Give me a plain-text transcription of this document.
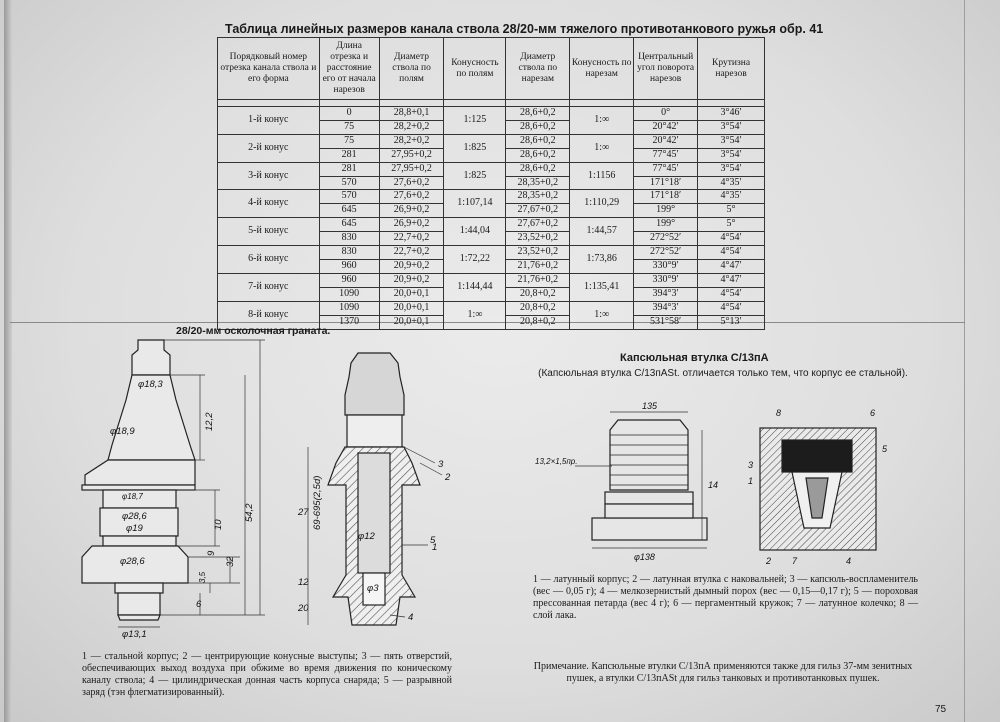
Таблица линейных размеров канала ствола 28/20-мм тяжелого противотанкового ружья обр. 41
Порядковый номер отрезка канала ствола и его форма	Длина отрезка и расстояние его от начала нарезов	Диаметр ствола по полям	Конусность по полям	Диаметр ствола по нарезам	Конусность по нарезам	Центральный угол поворота нарезов	Крутизна нарезов

1-й конус	0	28,8+0,1	1:125	28,6+0,2	1:∞	0°	3°46′
	75	28,2+0,2		28,6+0,2		20°42′	3°54′
2-й конус	75	28,2+0,2	1:825	28,6+0,2	1:∞	20°42′	3°54′
	281	27,95+0,2		28,6+0,2		77°45′	3°54′
3-й конус	281	27,95+0,2	1:825	28,6+0,2	1:1156	77°45′	3°54′
	570	27,6+0,2		28,35+0,2		171°18′	4°35′
4-й конус	570	27,6+0,2	1:107,14	28,35+0,2	1:110,29	171°18′	4°35′
	645	26,9+0,2		27,67+0,2		199°	5°
5-й конус	645	26,9+0,2	1:44,04	27,67+0,2	1:44,57	199°	5°
	830	22,7+0,2		23,52+0,2		272°52′	4°54′
6-й конус	830	22,7+0,2	1:72,22	23,52+0,2	1:73,86	272°52′	4°54′
	960	20,9+0,2		21,76+0,2		330°9′	4°47′
7-й конус	960	20,9+0,2	1:144,44	21,76+0,2	1:135,41	330°9′	4°47′
	1090	20,0+0,1		20,8+0,2		394°3′	4°54′
8-й конус	1090	20,0+0,1	1:∞	20,8+0,2	1:∞	394°3′	4°54′
	1370	20,0+0,1		20,8+0,2		531°58′	5°13′
28/20-мм осколочная граната.
φ18,3
φ18,9
12,2
69-695(2,5d)
54,2
φ18,7
φ28,6
φ19
φ28,6
10
32
9
3,5
6
φ13,1
φ12
φ3
27
12
20
1
2
3
4
5
1 — стальной корпус; 2 — центрирующие конусные выступы; 3 — пять отверстий, обеспечивающих выход воздуха при обжиме во время движения по коническому каналу ствола; 4 — цилиндрическая донная часть корпуса снаряда; 5 — разрывной заряд (тэн флегматизированный).
Капсюльная втулка С/13пА
(Капсюльная втулка С/13пASt. отличается только тем, что корпус ее стальной).
135
13,2×1,5пр.
φ138
14
8	6
5
3
1
2 7	4
1 — латунный корпус; 2 — латунная втулка с наковальней; 3 — капсюль-воспламенитель (вес — 0,05 г); 4 — мелкозернистый дымный порох (вес — 0,15—0,17 г); 5 — пороховая прессованная петарда (вес 4 г); 6 — пергаментный кружок; 7 — латунное колечко; 8 — слой лака.
Примечание. Капсюльные втулки С/13пА применяются также для гильз 37-мм зенитных пушек, а втулки С/13пASt для гильз танковых и противотанковых пушек.
75
